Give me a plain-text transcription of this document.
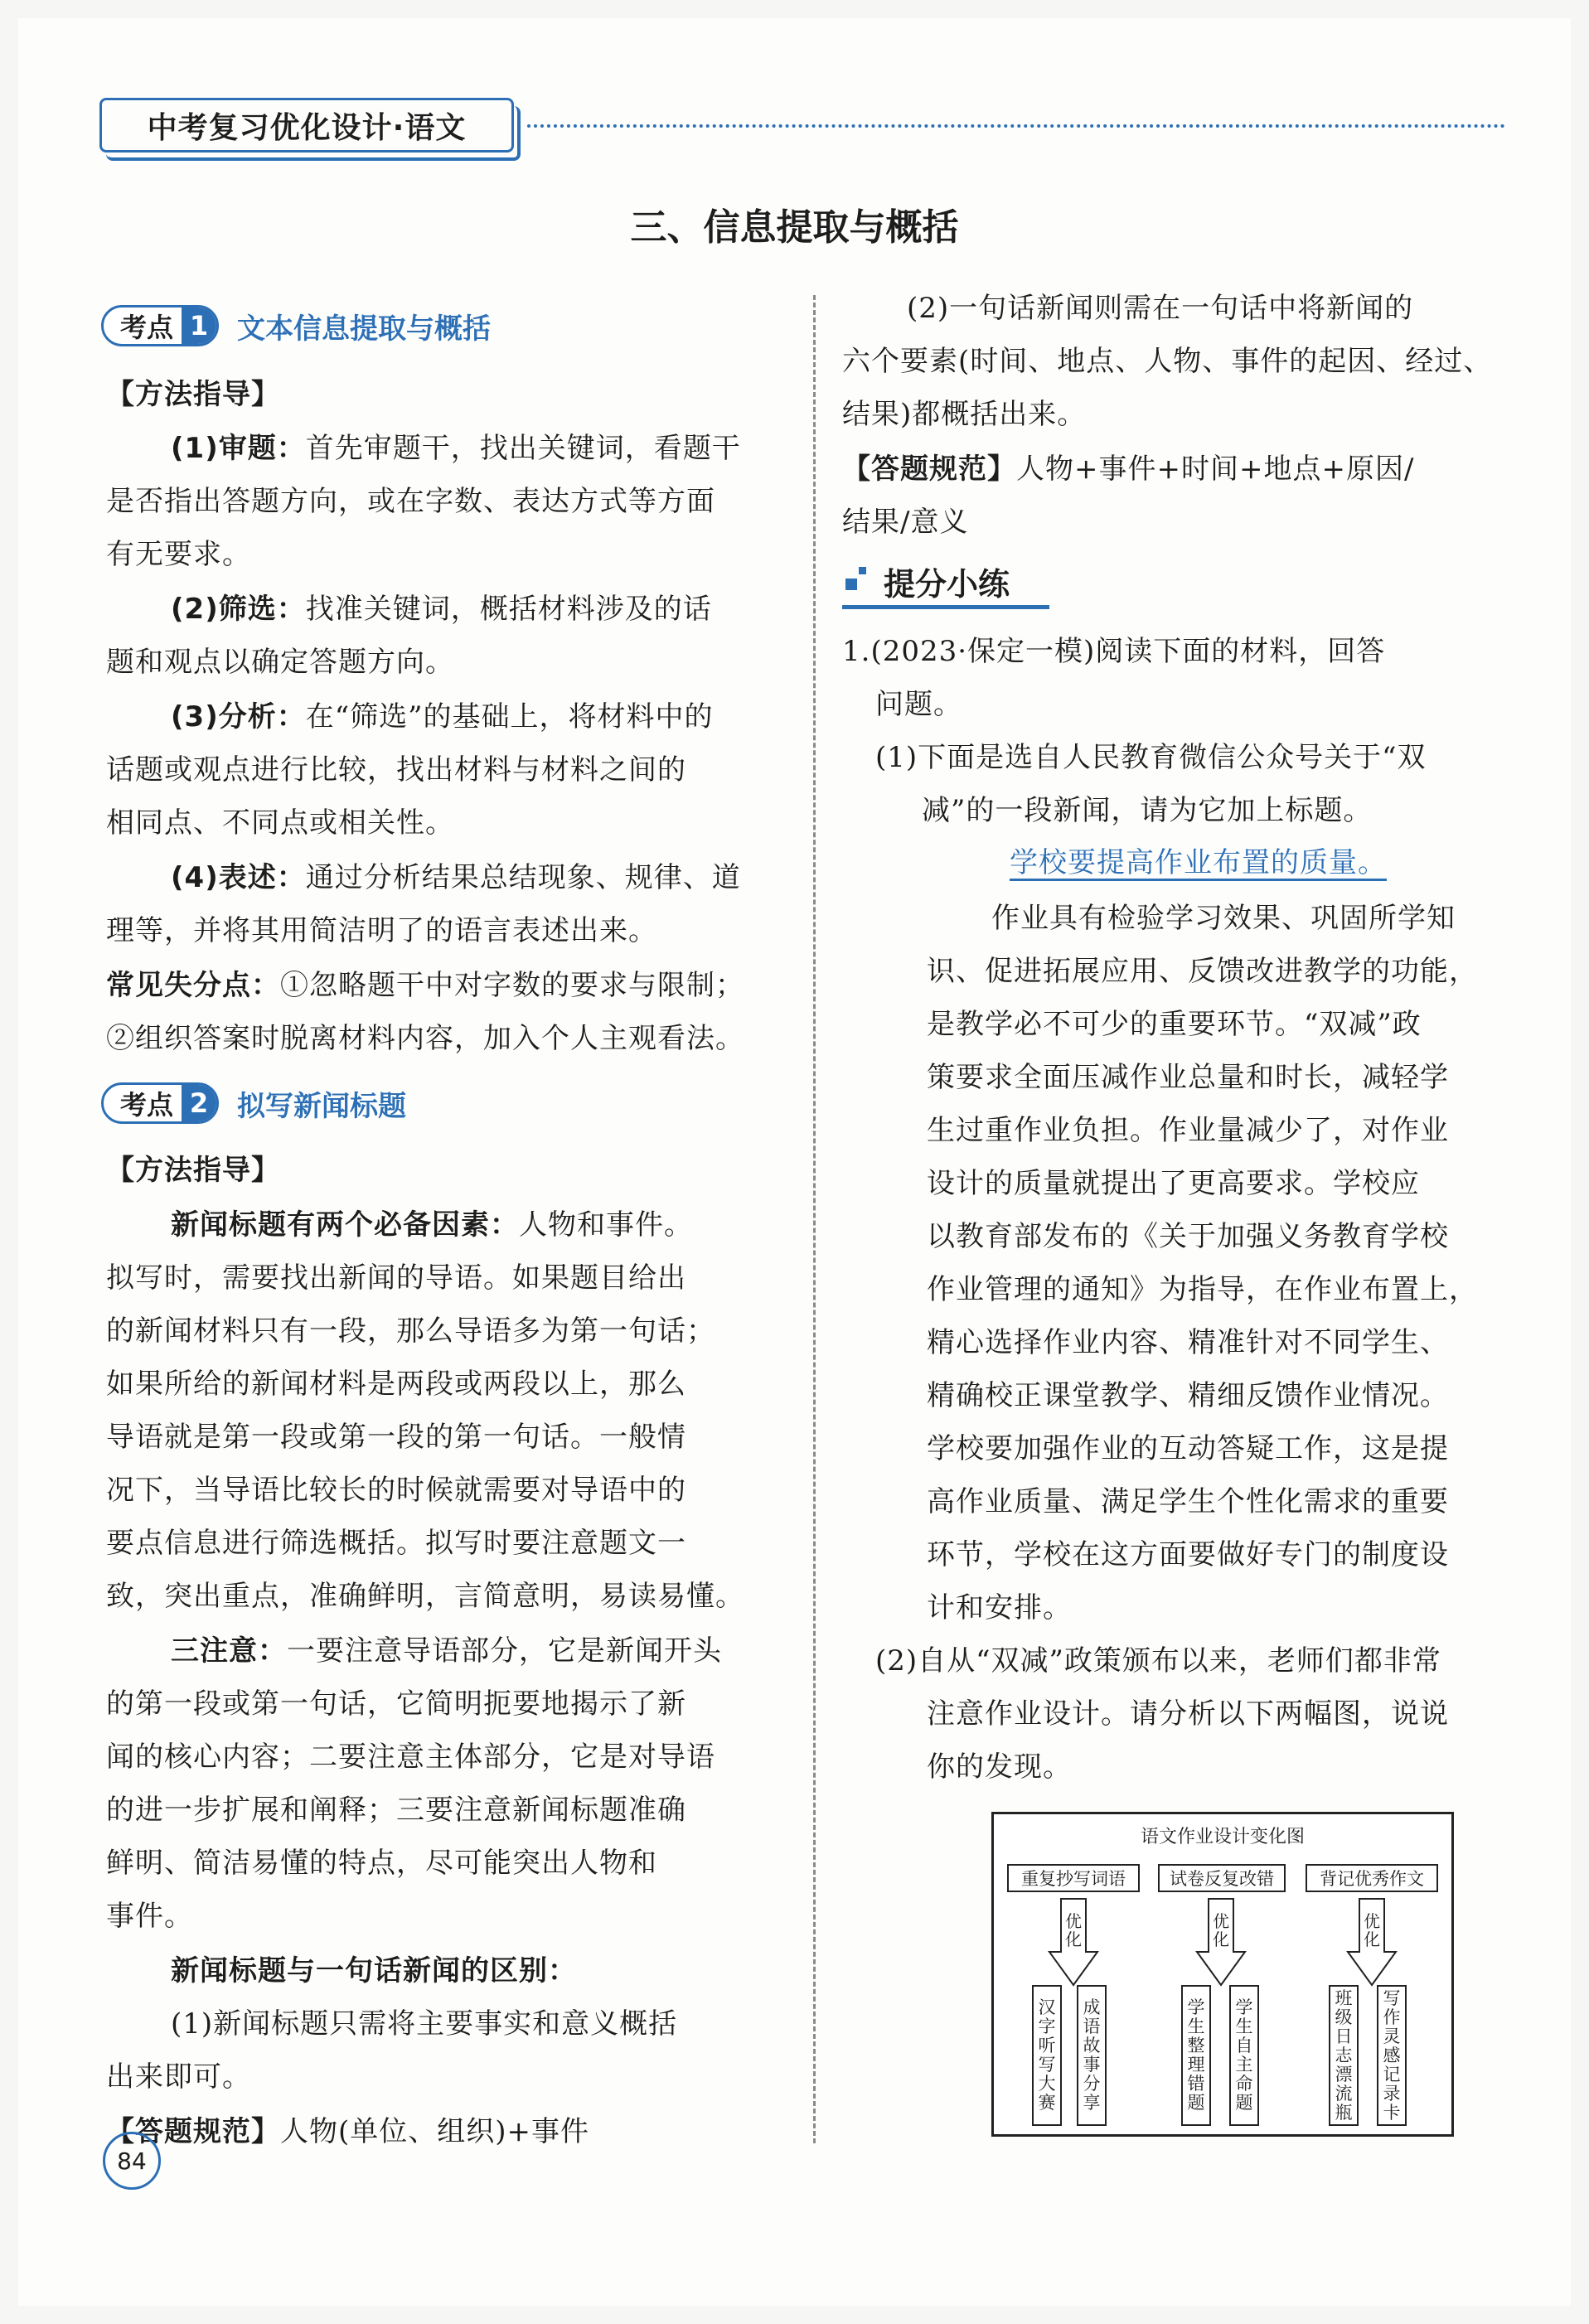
中考复习优化设计·语文
三、信息提取与概括
考点 1 文本信息提取与概括
【方法指导】
(1)审题：首先审题干，找出关键词，看题干
是否指出答题方向，或在字数、表达方式等方面
有无要求。
(2)筛选：找准关键词，概括材料涉及的话
题和观点以确定答题方向。
(3)分析：在“筛选”的基础上，将材料中的
话题或观点进行比较，找出材料与材料之间的
相同点、不同点或相关性。
(4)表述：通过分析结果总结现象、规律、道
理等，并将其用简洁明了的语言表述出来。
常见失分点：①忽略题干中对字数的要求与限制；
②组织答案时脱离材料内容，加入个人主观看法。
考点 2 拟写新闻标题
【方法指导】
新闻标题有两个必备因素：人物和事件。
拟写时，需要找出新闻的导语。如果题目给出
的新闻材料只有一段，那么导语多为第一句话；
如果所给的新闻材料是两段或两段以上，那么
导语就是第一段或第一段的第一句话。一般情
况下，当导语比较长的时候就需要对导语中的
要点信息进行筛选概括。拟写时要注意题文一
致，突出重点，准确鲜明，言简意明，易读易懂。
三注意：一要注意导语部分，它是新闻开头
的第一段或第一句话，它简明扼要地揭示了新
闻的核心内容；二要注意主体部分，它是对导语
的进一步扩展和阐释；三要注意新闻标题准确
鲜明、简洁易懂的特点，尽可能突出人物和
事件。
新闻标题与一句话新闻的区别：
(1)新闻标题只需将主要事实和意义概括
出来即可。
【答题规范】人物(单位、组织)+事件
(2)一句话新闻则需在一句话中将新闻的
六个要素(时间、地点、人物、事件的起因、经过、
结果)都概括出来。
【答题规范】人物+事件+时间+地点+原因/
结果/意义
提分小练
1.(2023·保定一模)阅读下面的材料，回答
问题。
(1)下面是选自人民教育微信公众号关于“双
减”的一段新闻，请为它加上标题。
学校要提高作业布置的质量。
作业具有检验学习效果、巩固所学知
识、促进拓展应用、反馈改进教学的功能，
是教学必不可少的重要环节。“双减”政
策要求全面压减作业总量和时长，减轻学
生过重作业负担。作业量减少了，对作业
设计的质量就提出了更高要求。学校应
以教育部发布的《关于加强义务教育学校
作业管理的通知》为指导，在作业布置上，
精心选择作业内容、精准针对不同学生、
精确校正课堂教学、精细反馈作业情况。
学校要加强作业的互动答疑工作，这是提
高作业质量、满足学生个性化需求的重要
环节，学校在这方面要做好专门的制度设
计和安排。
(2)自从“双减”政策颁布以来，老师们都非常
注意作业设计。请分析以下两幅图，说说
你的发现。
语文作业设计变化图
重复抄写词语	试卷反复改错	背记优秀作文
优化
优化
优化
汉
字
听
写
大
赛
成
语
故
事
分
享
学
生
整
理
错
题
学
生
自
主
命
题
班
级
日
志
漂
流
瓶
写
作
灵
感
记
录
卡
84
